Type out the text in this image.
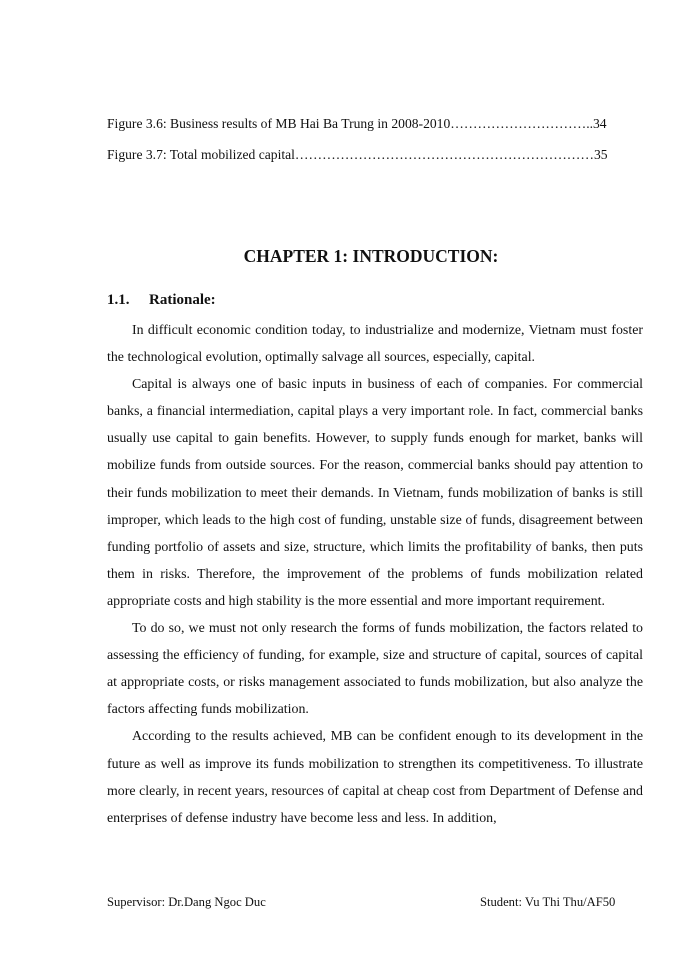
Figure 3.6: Business results of MB Hai Ba Trung in 2008-2010…………………………..34
Figure 3.7: Total mobilized capital…………………………………………………………35
CHAPTER 1: INTRODUCTION:
1.1. Rationale:

In difficult economic condition today, to industrialize and modernize, Vietnam must foster the technological evolution, optimally salvage all sources, especially, capital.

Capital is always one of basic inputs in business of each of companies. For commercial banks, a financial intermediation, capital plays a very important role. In fact, commercial banks usually use capital to gain benefits. However, to supply funds enough for market, banks will mobilize funds from outside sources. For the reason, commercial banks should pay attention to their funds mobilization to meet their demands. In Vietnam, funds mobilization of banks is still improper, which leads to the high cost of funding, unstable size of funds, disagreement between funding portfolio of assets and size, structure, which limits the profitability of banks, then puts them in risks. Therefore, the improvement of the problems of funds mobilization related appropriate costs and high stability is the more essential and more important requirement.

To do so, we must not only research the forms of funds mobilization, the factors related to assessing the efficiency of funding, for example, size and structure of capital, sources of capital at appropriate costs, or risks management associated to funds mobilization, but also analyze the factors affecting funds mobilization.

According to the results achieved, MB can be confident enough to its development in the future as well as improve its funds mobilization to strengthen its competitiveness. To illustrate more clearly, in recent years, resources of capital at cheap cost from Department of Defense and enterprises of defense industry have become less and less. In addition,

Supervisor: Dr.Dang Ngoc Duc	Student: Vu Thi Thu/AF50
